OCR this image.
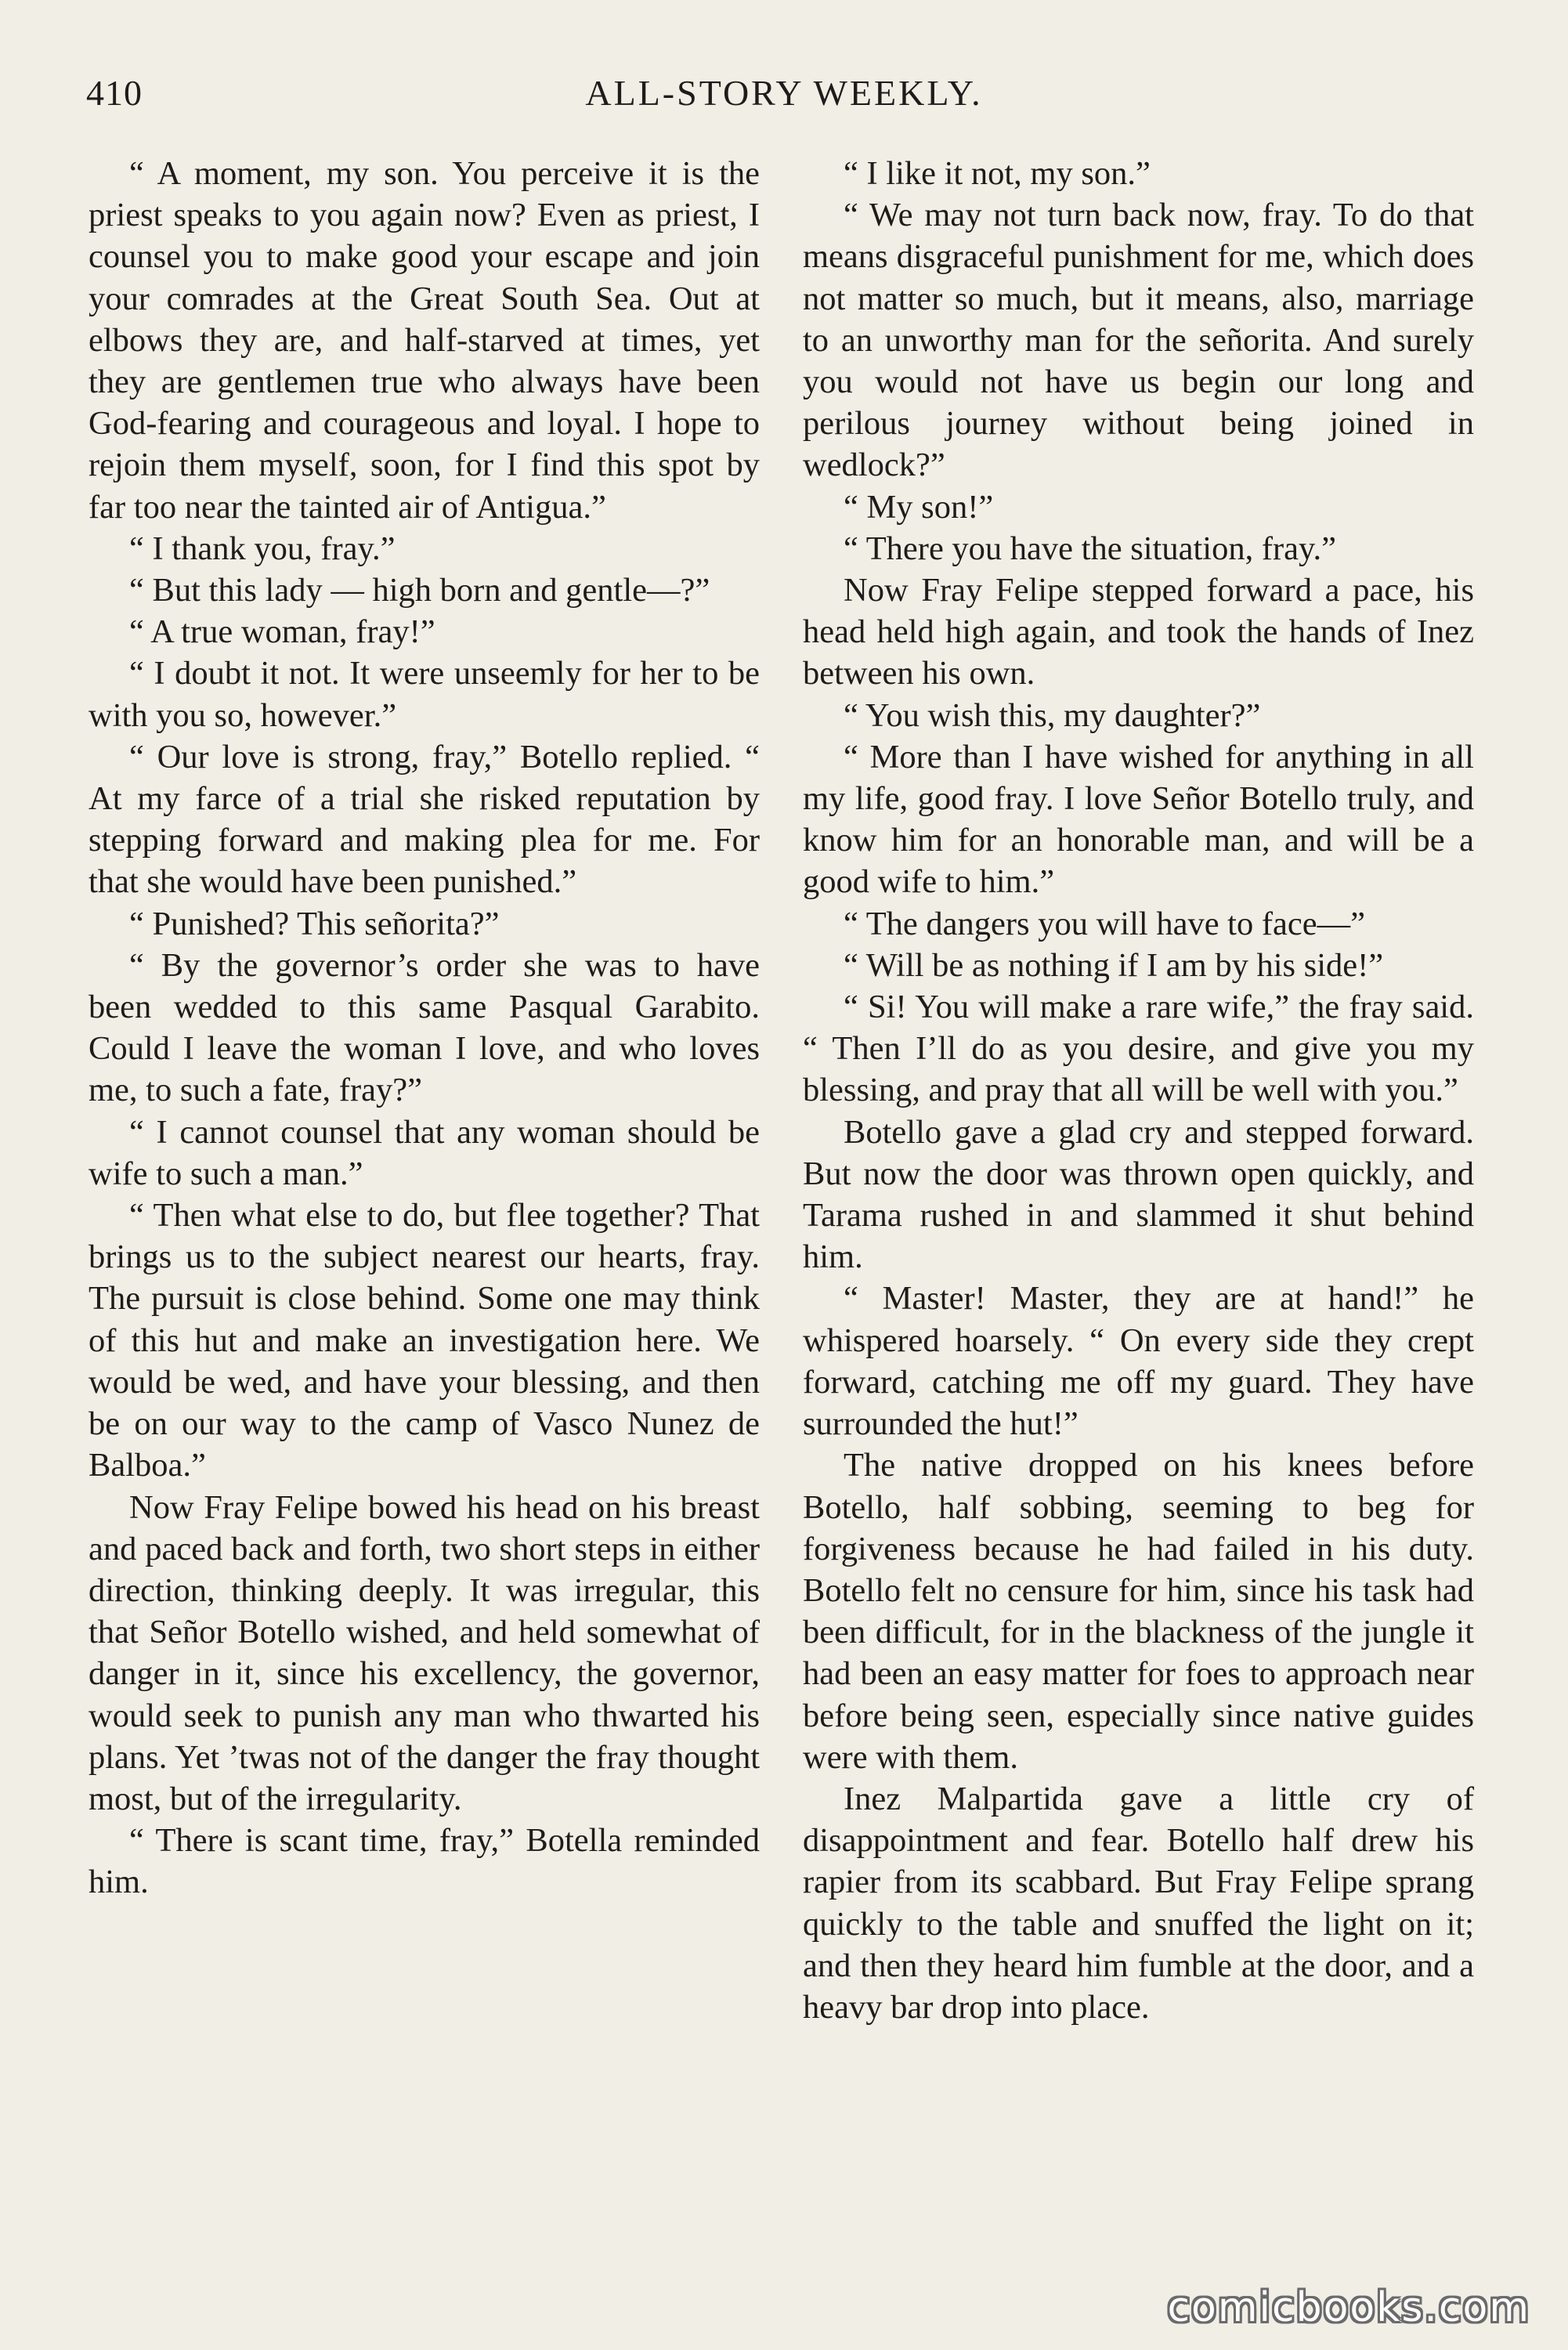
410	ALL-STORY WEEKLY.

“ A moment, my son. You perceive it is the priest speaks to you again now? Even as priest, I counsel you to make good your escape and join your comrades at the Great South Sea. Out at elbows they are, and half-starved at times, yet they are gentlemen true who always have been God-fearing and courageous and loyal. I hope to rejoin them myself, soon, for I find this spot by far too near the tainted air of Antigua.”

“ I thank you, fray.”

“ But this lady — high born and gentle—?”

“ A true woman, fray!”

“ I doubt it not. It were unseemly for her to be with you so, however.”

“ Our love is strong, fray,” Botello replied. “ At my farce of a trial she risked reputation by stepping forward and making plea for me. For that she would have been punished.”

“ Punished? This señorita?”

“ By the governor’s order she was to have been wedded to this same Pasqual Garabito. Could I leave the woman I love, and who loves me, to such a fate, fray?”

“ I cannot counsel that any woman should be wife to such a man.”

“ Then what else to do, but flee together? That brings us to the subject nearest our hearts, fray. The pursuit is close behind. Some one may think of this hut and make an investigation here. We would be wed, and have your blessing, and then be on our way to the camp of Vasco Nunez de Balboa.”

Now Fray Felipe bowed his head on his breast and paced back and forth, two short steps in either direction, thinking deeply. It was irregular, this that Señor Botello wished, and held somewhat of danger in it, since his excellency, the governor, would seek to punish any man who thwarted his plans. Yet ’twas not of the danger the fray thought most, but of the irregularity.

“ There is scant time, fray,” Botella reminded him.

“ I like it not, my son.”

“ We may not turn back now, fray. To do that means disgraceful punishment for me, which does not matter so much, but it means, also, marriage to an unworthy man for the señorita. And surely you would not have us begin our long and perilous journey without being joined in wedlock?”

“ My son!”

“ There you have the situation, fray.”

Now Fray Felipe stepped forward a pace, his head held high again, and took the hands of Inez between his own.

“ You wish this, my daughter?”

“ More than I have wished for anything in all my life, good fray. I love Señor Botello truly, and know him for an honorable man, and will be a good wife to him.”

“ The dangers you will have to face—”

“ Will be as nothing if I am by his side!”

“ Si! You will make a rare wife,” the fray said. “ Then I’ll do as you desire, and give you my blessing, and pray that all will be well with you.”

Botello gave a glad cry and stepped forward. But now the door was thrown open quickly, and Tarama rushed in and slammed it shut behind him.

“ Master! Master, they are at hand!” he whispered hoarsely. “ On every side they crept forward, catching me off my guard. They have surrounded the hut!”

The native dropped on his knees before Botello, half sobbing, seeming to beg for forgiveness because he had failed in his duty. Botello felt no censure for him, since his task had been difficult, for in the blackness of the jungle it had been an easy matter for foes to approach near before being seen, especially since native guides were with them.

Inez Malpartida gave a little cry of disappointment and fear. Botello half drew his rapier from its scabbard. But Fray Felipe sprang quickly to the table and snuffed the light on it; and then they heard him fumble at the door, and a heavy bar drop into place.

comicbooks.com
